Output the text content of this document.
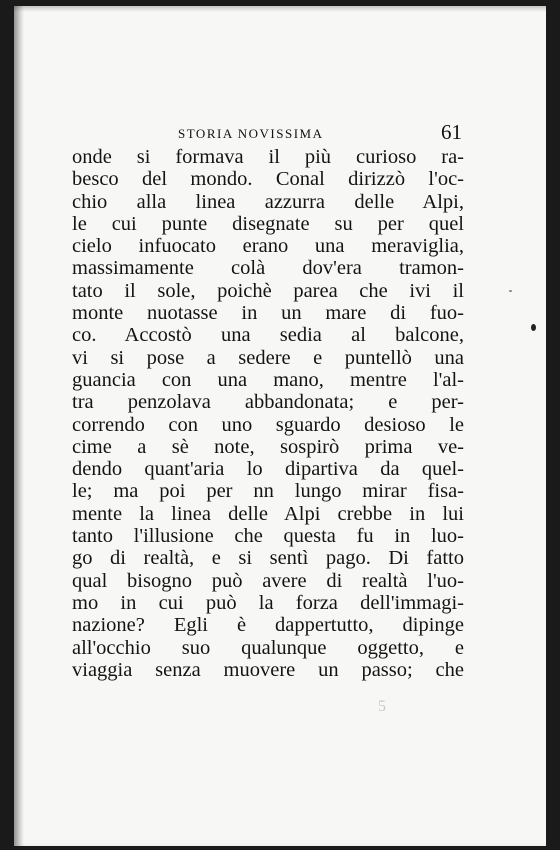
STORIA NOVISSIMA	61
onde si formava il più curioso ra-
besco del mondo. Conal dirizzò l'oc-
chio alla linea azzurra delle Alpi,
le cui punte disegnate su per quel
cielo infuocato erano una meraviglia,
massimamente colà dov'era tramon-
tato il sole, poichè parea che ivi il
monte nuotasse in un mare di fuo-
co. Accostò una sedia al balcone,
vi si pose a sedere e puntellò una
guancia con una mano, mentre l'al-
tra penzolava abbandonata; e per-
correndo con uno sguardo desioso le
cime a sè note, sospirò prima ve-
dendo quant'aria lo dipartiva da quel-
le; ma poi per nn lungo mirar fisa-
mente la linea delle Alpi crebbe in lui
tanto l'illusione che questa fu in luo-
go di realtà, e si sentì pago. Di fatto
qual bisogno può avere di realtà l'uo-
mo in cui può la forza dell'immagi-
nazione? Egli è dappertutto, dipinge
all'occhio suo qualunque oggetto, e
viaggia senza muovere un passo; che
5
